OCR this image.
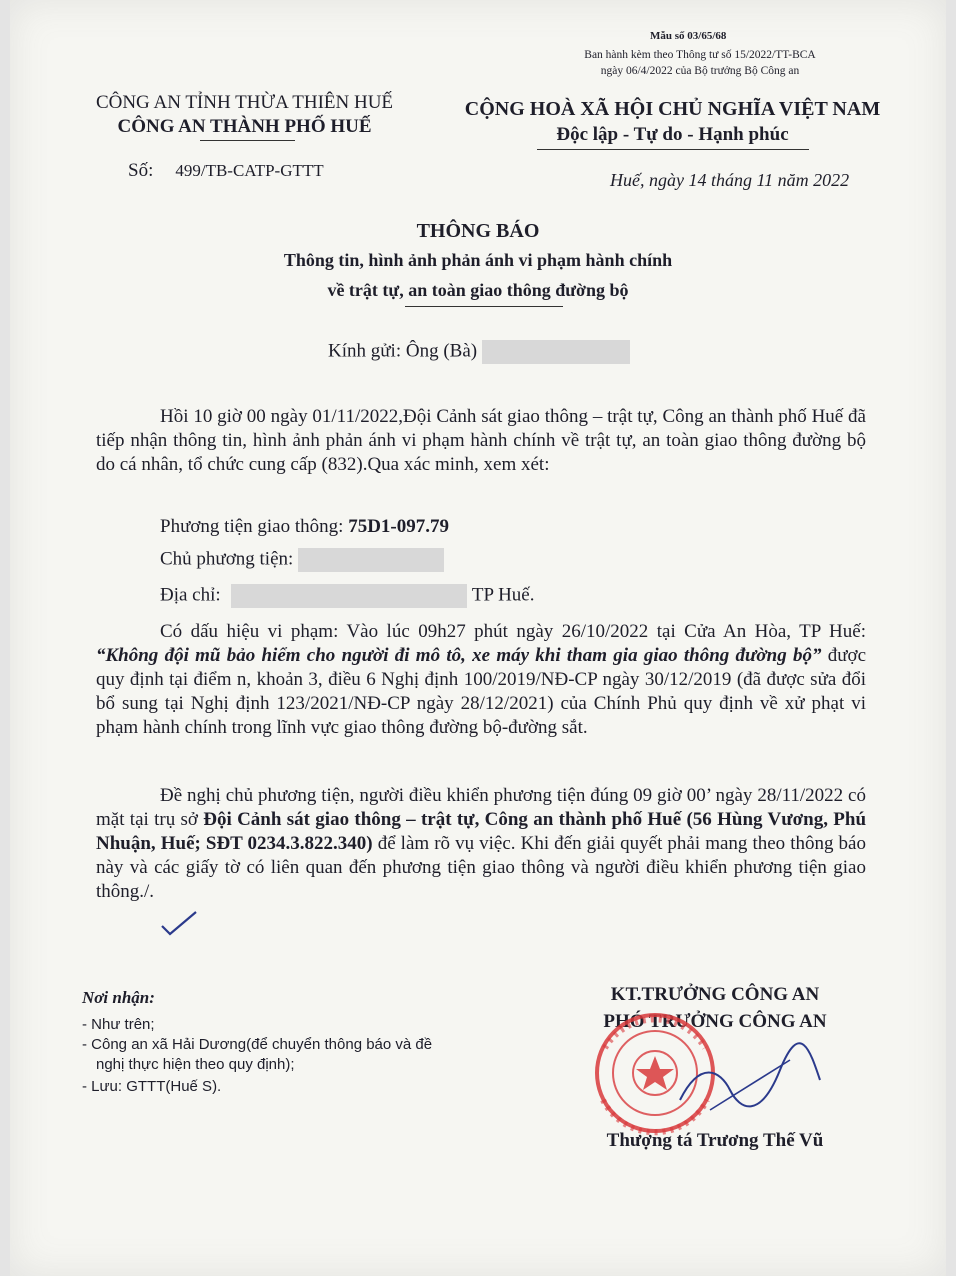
Mẫu số 03/65/68
Ban hành kèm theo Thông tư số 15/2022/TT-BCA
ngày 06/4/2022 của Bộ trưởng Bộ Công an
CÔNG AN TỈNH THỪA THIÊN HUẾ
CÔNG AN THÀNH PHỐ HUẾ
CỘNG HOÀ XÃ HỘI CHỦ NGHĨA VIỆT NAM
Độc lập - Tự do - Hạnh phúc
Số: 499/TB-CATP-GTTT	Huế, ngày 14 tháng 11 năm 2022
THÔNG BÁO
Thông tin, hình ảnh phản ánh vi phạm hành chính
về trật tự, an toàn giao thông đường bộ
Kính gửi: Ông (Bà)
Hồi 10 giờ 00 ngày 01/11/2022,Đội Cảnh sát giao thông – trật tự, Công an thành phố Huế đã tiếp nhận thông tin, hình ảnh phản ánh vi phạm hành chính về trật tự, an toàn giao thông đường bộ do cá nhân, tổ chức cung cấp (832).Qua xác minh, xem xét:
Phương tiện giao thông: 75D1-097.79
Chủ phương tiện:
Địa chỉ:	TP Huế.
Có dấu hiệu vi phạm: Vào lúc 09h27 phút ngày 26/10/2022 tại Cửa An Hòa, TP Huế: “Không đội mũ bảo hiểm cho người đi mô tô, xe máy khi tham gia giao thông đường bộ” được quy định tại điểm n, khoản 3, điều 6 Nghị định 100/2019/NĐ-CP ngày 30/12/2019 (đã được sửa đổi bổ sung tại Nghị định 123/2021/NĐ-CP ngày 28/12/2021) của Chính Phủ quy định về xử phạt vi phạm hành chính trong lĩnh vực giao thông đường bộ-đường sắt.
Đề nghị chủ phương tiện, người điều khiển phương tiện đúng 09 giờ 00’ ngày 28/11/2022 có mặt tại trụ sở Đội Cảnh sát giao thông – trật tự, Công an thành phố Huế (56 Hùng Vương, Phú Nhuận, Huế; SĐT 0234.3.822.340) để làm rõ vụ việc. Khi đến giải quyết phải mang theo thông báo này và các giấy tờ có liên quan đến phương tiện giao thông và người điều khiển phương tiện giao thông./.
Nơi nhận:
- Như trên;
- Công an xã Hải Dương(để chuyển thông báo và đề
nghị thực hiện theo quy định);
- Lưu: GTTT(Huế S).
KT.TRƯỞNG CÔNG AN
PHÓ TRƯỞNG CÔNG AN
Thượng tá Trương Thế Vũ
